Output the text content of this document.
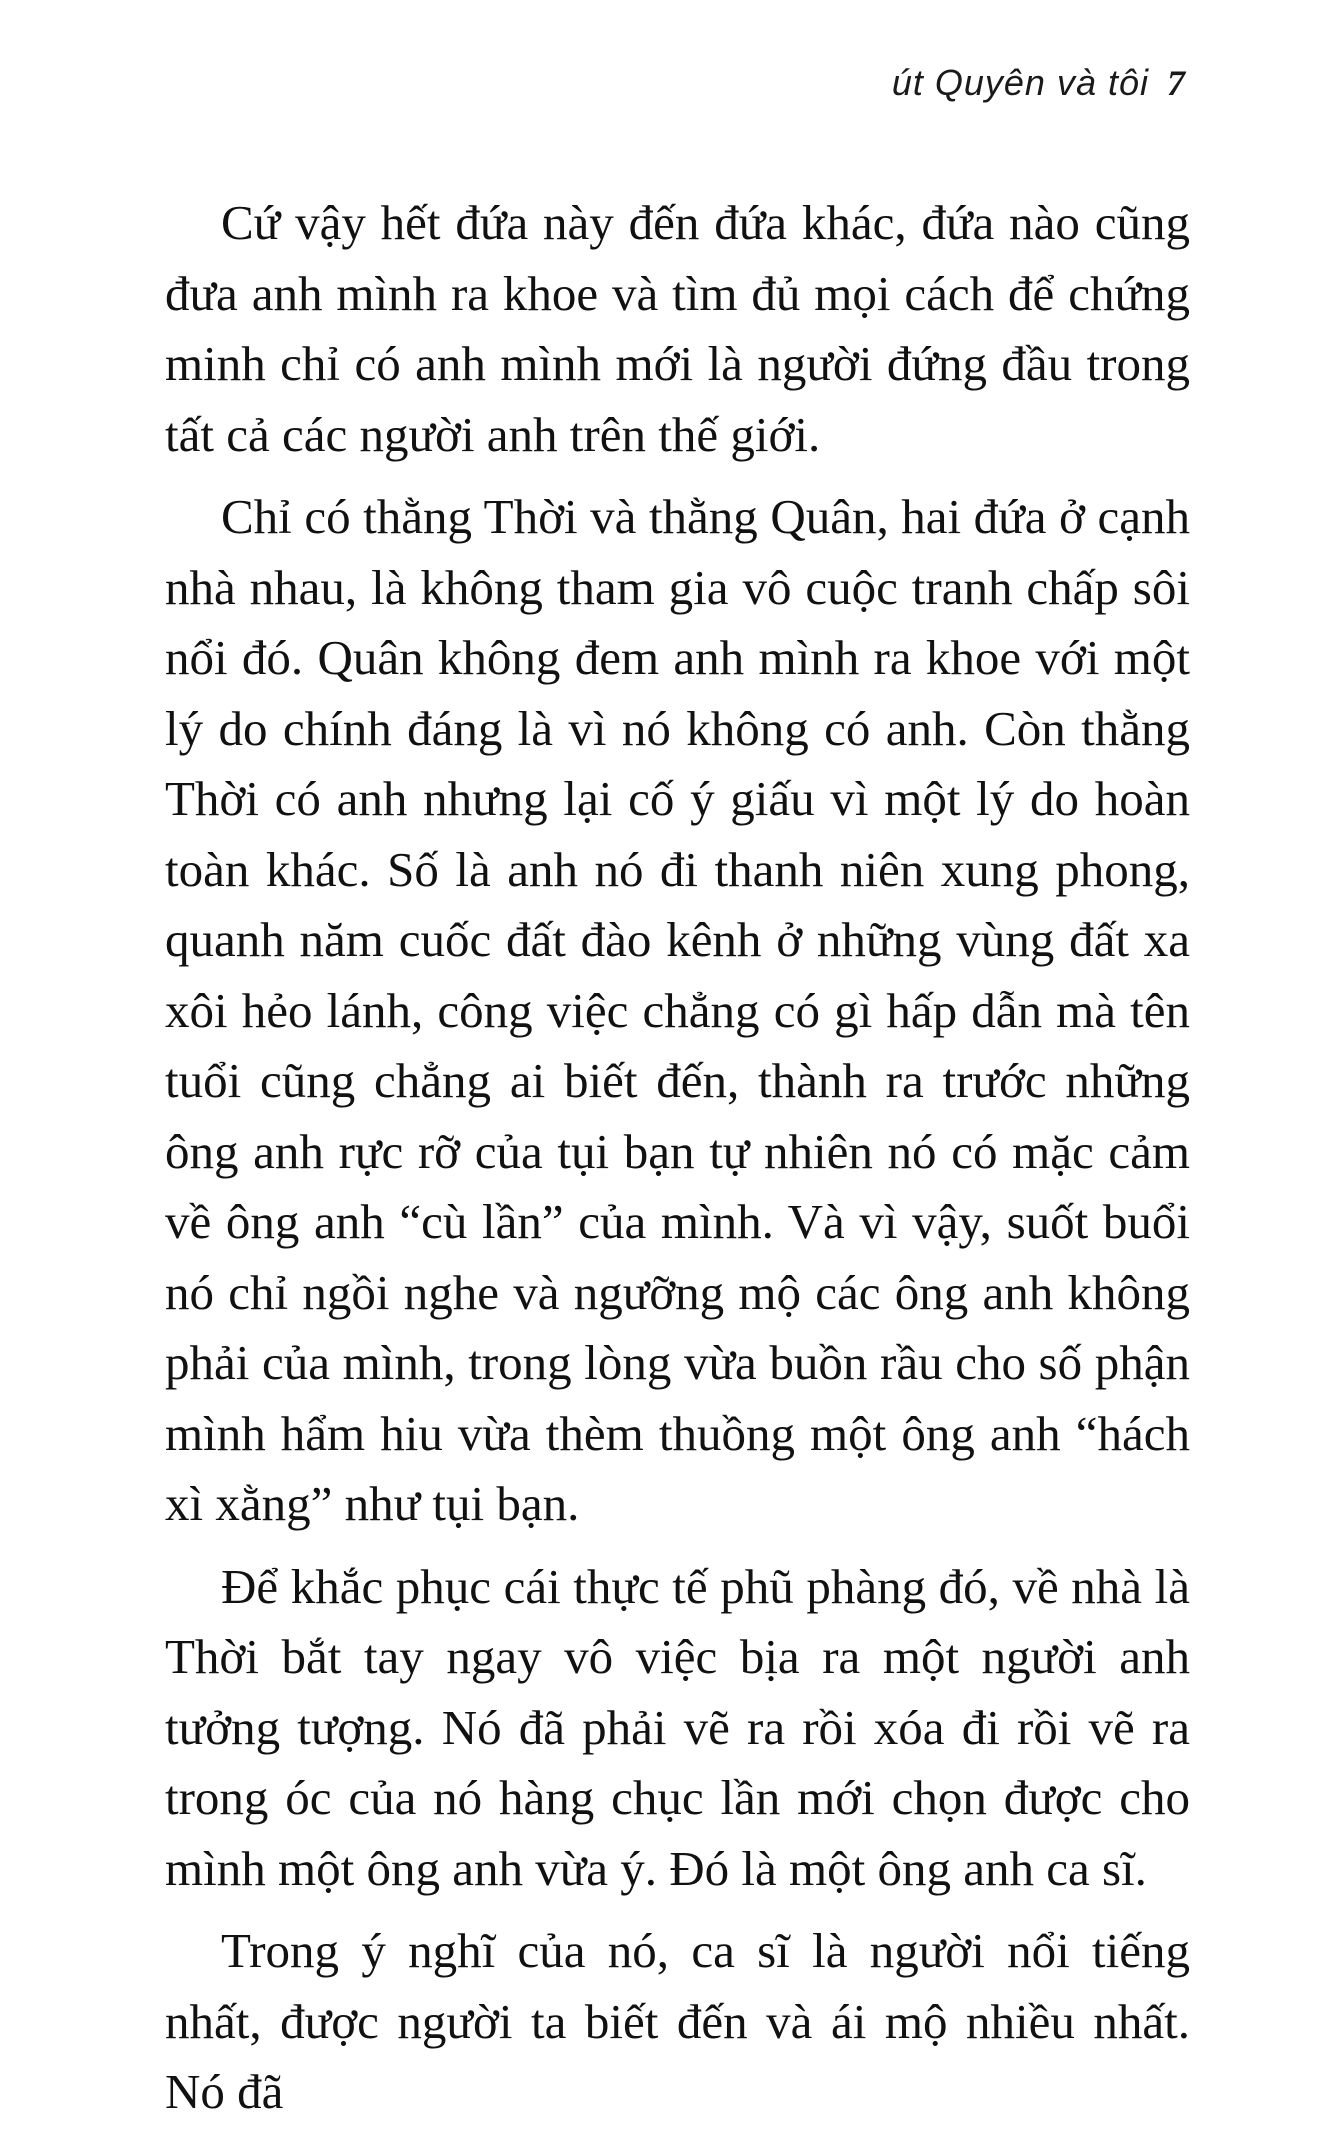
út Quyên và tôi 7

Cứ vậy hết đứa này đến đứa khác, đứa nào cũng đưa anh mình ra khoe và tìm đủ mọi cách để chứng minh chỉ có anh mình mới là người đứng đầu trong tất cả các người anh trên thế giới.

Chỉ có thằng Thời và thằng Quân, hai đứa ở cạnh nhà nhau, là không tham gia vô cuộc tranh chấp sôi nổi đó. Quân không đem anh mình ra khoe với một lý do chính đáng là vì nó không có anh. Còn thằng Thời có anh nhưng lại cố ý giấu vì một lý do hoàn toàn khác. Số là anh nó đi thanh niên xung phong, quanh năm cuốc đất đào kênh ở những vùng đất xa xôi hẻo lánh, công việc chẳng có gì hấp dẫn mà tên tuổi cũng chẳng ai biết đến, thành ra trước những ông anh rực rỡ của tụi bạn tự nhiên nó có mặc cảm về ông anh “cù lần” của mình. Và vì vậy, suốt buổi nó chỉ ngồi nghe và ngưỡng mộ các ông anh không phải của mình, trong lòng vừa buồn rầu cho số phận mình hẩm hiu vừa thèm thuồng một ông anh “hách xì xằng” như tụi bạn.

Để khắc phục cái thực tế phũ phàng đó, về nhà là Thời bắt tay ngay vô việc bịa ra một người anh tưởng tượng. Nó đã phải vẽ ra rồi xóa đi rồi vẽ ra trong óc của nó hàng chục lần mới chọn được cho mình một ông anh vừa ý. Đó là một ông anh ca sĩ.

Trong ý nghĩ của nó, ca sĩ là người nổi tiếng nhất, được người ta biết đến và ái mộ nhiều nhất. Nó đã
